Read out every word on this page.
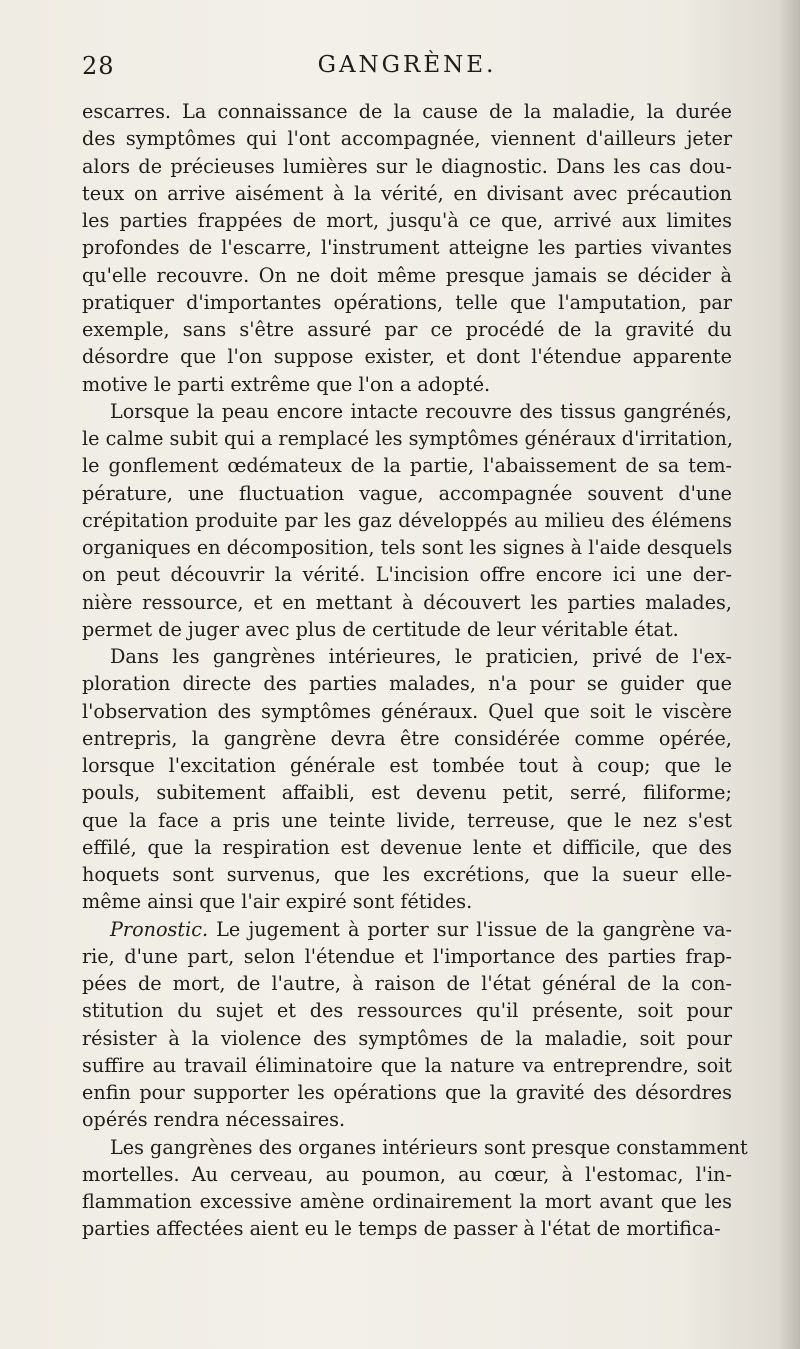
28	GANGRÈNE.
escarres. La connaissance de la cause de la maladie, la durée
des symptômes qui l'ont accompagnée, viennent d'ailleurs jeter
alors de précieuses lumières sur le diagnostic. Dans les cas dou-
teux on arrive aisément à la vérité, en divisant avec précaution
les parties frappées de mort, jusqu'à ce que, arrivé aux limites
profondes de l'escarre, l'instrument atteigne les parties vivantes
qu'elle recouvre. On ne doit même presque jamais se décider à
pratiquer d'importantes opérations, telle que l'amputation, par
exemple, sans s'être assuré par ce procédé de la gravité du
désordre que l'on suppose exister, et dont l'étendue apparente
motive le parti extrême que l'on a adopté.
Lorsque la peau encore intacte recouvre des tissus gangrénés,
le calme subit qui a remplacé les symptômes généraux d'irritation,
le gonflement œdémateux de la partie, l'abaissement de sa tem-
pérature, une fluctuation vague, accompagnée souvent d'une
crépitation produite par les gaz développés au milieu des élémens
organiques en décomposition, tels sont les signes à l'aide desquels
on peut découvrir la vérité. L'incision offre encore ici une der-
nière ressource, et en mettant à découvert les parties malades,
permet de juger avec plus de certitude de leur véritable état.
Dans les gangrènes intérieures, le praticien, privé de l'ex-
ploration directe des parties malades, n'a pour se guider que
l'observation des symptômes généraux. Quel que soit le viscère
entrepris, la gangrène devra être considérée comme opérée,
lorsque l'excitation générale est tombée tout à coup; que le
pouls, subitement affaibli, est devenu petit, serré, filiforme;
que la face a pris une teinte livide, terreuse, que le nez s'est
effilé, que la respiration est devenue lente et difficile, que des
hoquets sont survenus, que les excrétions, que la sueur elle-
même ainsi que l'air expiré sont fétides.
Pronostic. Le jugement à porter sur l'issue de la gangrène va-
rie, d'une part, selon l'étendue et l'importance des parties frap-
pées de mort, de l'autre, à raison de l'état général de la con-
stitution du sujet et des ressources qu'il présente, soit pour
résister à la violence des symptômes de la maladie, soit pour
suffire au travail éliminatoire que la nature va entreprendre, soit
enfin pour supporter les opérations que la gravité des désordres
opérés rendra nécessaires.
Les gangrènes des organes intérieurs sont presque constamment
mortelles. Au cerveau, au poumon, au cœur, à l'estomac, l'in-
flammation excessive amène ordinairement la mort avant que les
parties affectées aient eu le temps de passer à l'état de mortifica-
